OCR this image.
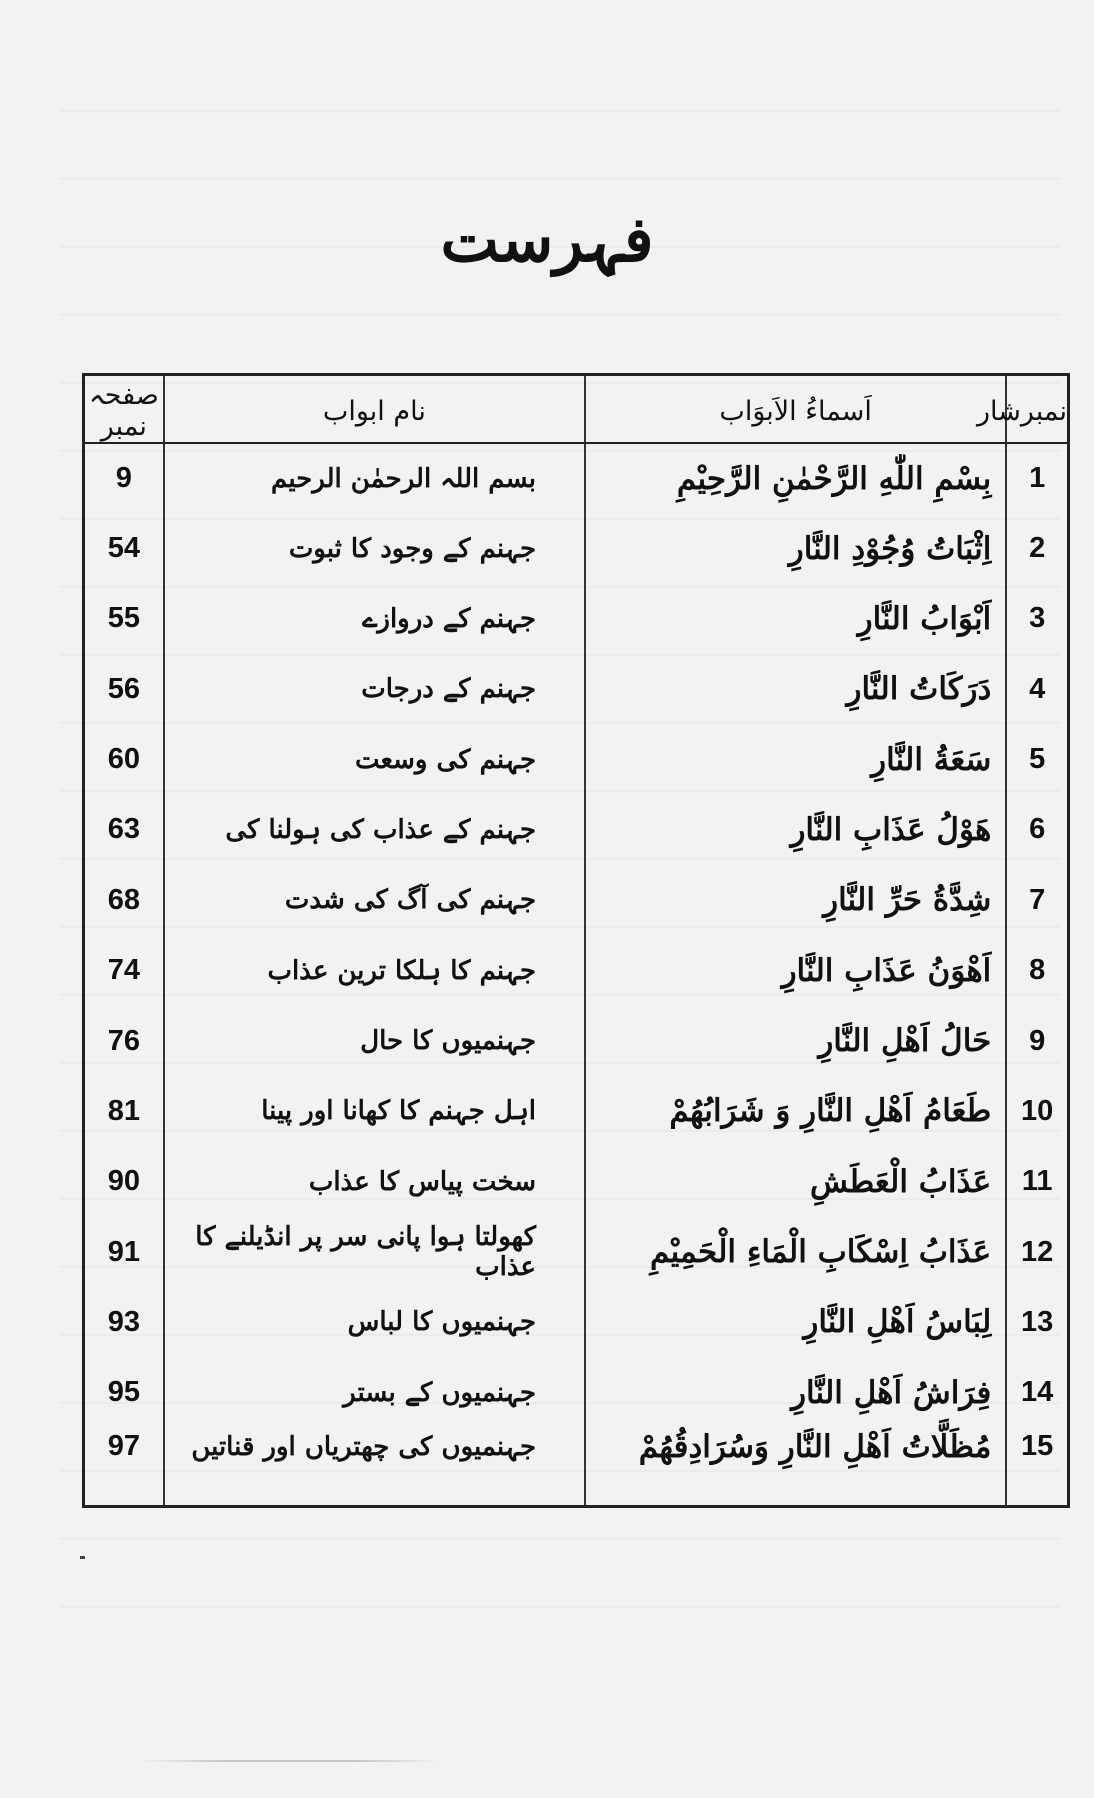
فہرست
نمبرشار	اَسماءُ الاَبوَاب	نام ابواب	صفحہ نمبر
1	بِسْمِ اللّٰهِ الرَّحْمٰنِ الرَّحِيْمِ	بسم اللہ الرحمٰن الرحیم	9
2	اِثْبَاتُ وُجُوْدِ النَّارِ	جہنم کے وجود کا ثبوت	54
3	اَبْوَابُ النَّارِ	جہنم کے دروازے	55
4	دَرَكَاتُ النَّارِ	جہنم کے درجات	56
5	سَعَةُ النَّارِ	جہنم کی وسعت	60
6	هَوْلُ عَذَابِ النَّارِ	جہنم کے عذاب کی ہولنا کی	63
7	شِدَّةُ حَرِّ النَّارِ	جہنم کی آگ کی شدت	68
8	اَهْوَنُ عَذَابِ النَّارِ	جہنم کا ہلکا ترین عذاب	74
9	حَالُ اَهْلِ النَّارِ	جہنمیوں کا حال	76
10	طَعَامُ اَهْلِ النَّارِ وَ شَرَابُهُمْ	اہل جہنم کا کھانا اور پینا	81
11	عَذَابُ الْعَطَشِ	سخت پیاس کا عذاب	90
12	عَذَابُ اِسْكَابِ الْمَاءِ الْحَمِيْمِ	کھولتا ہوا پانی سر پر انڈیلنے کا عذاب	91
13	لِبَاسُ اَهْلِ النَّارِ	جہنمیوں کا لباس	93
14	فِرَاشُ اَهْلِ النَّارِ	جہنمیوں کے بستر	95
15	مُظَلَّاتُ اَهْلِ النَّارِ وَسُرَادِقُهُمْ	جہنمیوں کی چھتریاں اور قناتیں	97
